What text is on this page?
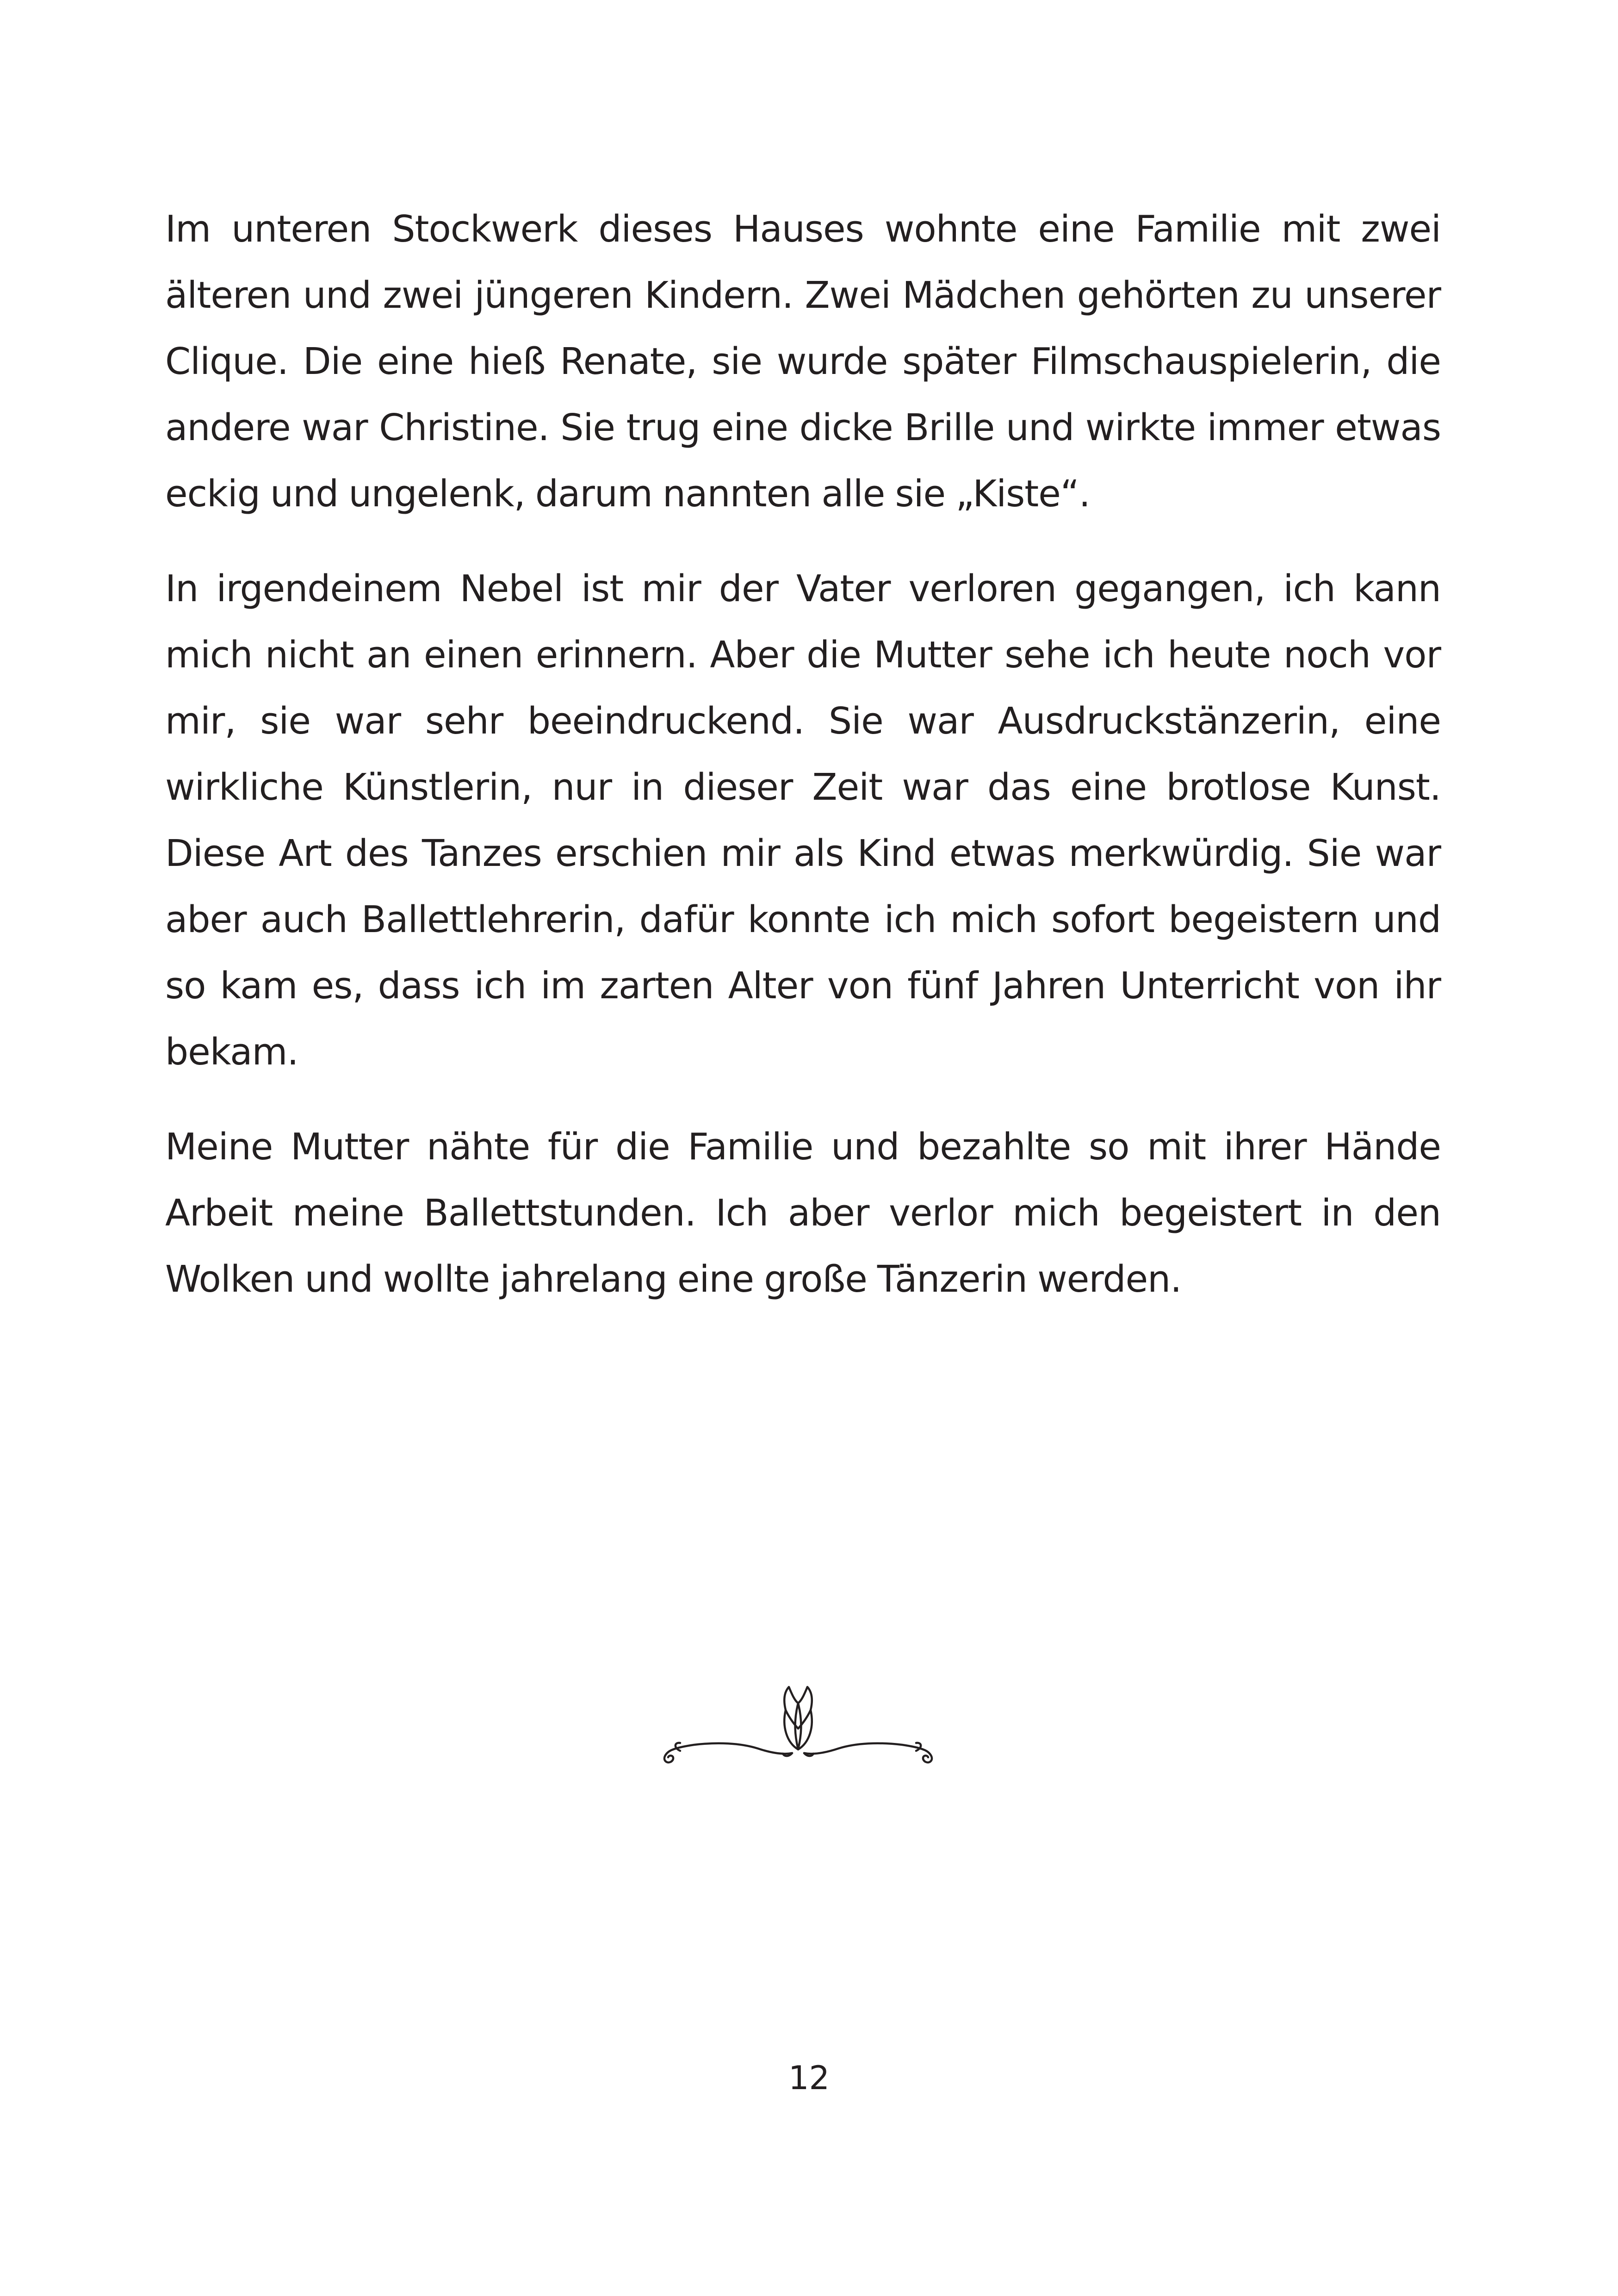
Im unteren Stockwerk dieses Hauses wohnte eine Familie mit zwei älteren und zwei jüngeren Kindern. Zwei Mädchen gehörten zu unserer Clique. Die eine hieß Renate, sie wurde später Filmschauspielerin, die andere war Christine. Sie trug eine dicke Brille und wirkte immer etwas eckig und ungelenk, darum nannten alle sie „Kiste“.

In irgendeinem Nebel ist mir der Vater verloren gegangen, ich kann mich nicht an einen erinnern. Aber die Mutter sehe ich heute noch vor mir, sie war sehr beeindruckend. Sie war Ausdruckstänzerin, eine wirkliche Künstlerin, nur in dieser Zeit war das eine brotlose Kunst. Diese Art des Tanzes erschien mir als Kind etwas merkwürdig. Sie war aber auch Ballettlehrerin, dafür konnte ich mich sofort begeistern und so kam es, dass ich im zarten Alter von fünf Jahren Unterricht von ihr bekam.

Meine Mutter nähte für die Familie und bezahlte so mit ihrer Hände Arbeit meine Ballettstunden. Ich aber verlor mich begeistert in den Wolken und wollte jahrelang eine große Tänzerin werden.

12
